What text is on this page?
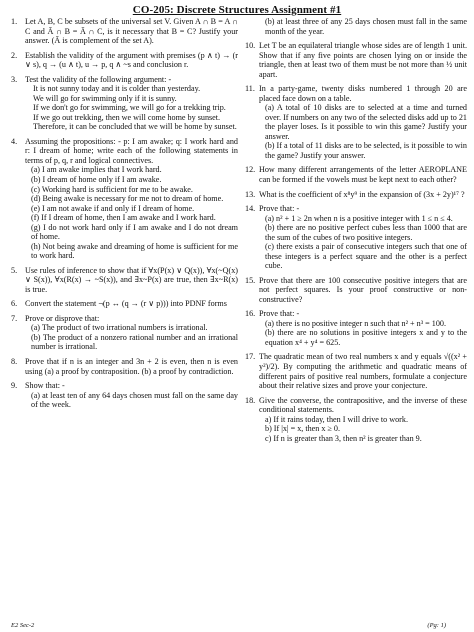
CO-205: Discrete Structures Assignment #1
1. Let A, B, C be subsets of the universal set V. Given A ∩ B = A ∩ C and Ā ∩ B = Ā ∩ C, is it necessary that B = C? Justify your answer. (Ā is complement of the set A).
2. Establish the validity of the argument with premises (p ∧ t) → (r ∨ s), q → (u ∧ t), u → p, q ∧ ~s and conclusion r.
3. Test the validity of the following argument: -
It is not sunny today and it is colder than yesterday.
We will go for swimming only if it is sunny.
If we don't go for swimming, we will go for a trekking trip.
If we go out trekking, then we will come home by sunset.
Therefore, it can be concluded that we will be home by sunset.
4. Assuming the propositions: - p: I am awake; q: I work hard and r: I dream of home; write each of the following statements in terms of p, q, r and logical connectives.
(a) I am awake implies that I work hard.
(b) I dream of home only if I am awake.
(c) Working hard is sufficient for me to be awake.
(d) Being awake is necessary for me not to dream of home.
(e) I am not awake if and only if I dream of home.
(f) If I dream of home, then I am awake and I work hard.
(g) I do not work hard only if I am awake and I do not dream of home.
(h) Not being awake and dreaming of home is sufficient for me to work hard.
5. Use rules of inference to show that if ∀x(P(x) ∨ Q(x)), ∀x(~Q(x) ∨ S(x)), ∀x(R(x) → ~S(x)), and ∃x~P(x) are true, then ∃x~R(x) is true.
6. Convert the statement ¬(p ↔ (q → (r ∨ p))) into PDNF forms
7. Prove or disprove that:
(a) The product of two irrational numbers is irrational.
(b) The product of a nonzero rational number and an irrational number is irrational.
8. Prove that if n is an integer and 3n + 2 is even, then n is even using (a) a proof by contraposition. (b) a proof by contradiction.
9. Show that: -
(a) at least ten of any 64 days chosen must fall on the same day of the week.
(b) at least three of any 25 days chosen must fall in the same month of the year.
10. Let T be an equilateral triangle whose sides are of length 1 unit. Show that if any five points are chosen lying on or inside the triangle, then at least two of them must be not more than ½ unit apart.
11. In a party-game, twenty disks numbered 1 through 20 are placed face down on a table.
(a) A total of 10 disks are to selected at a time and turned over. If numbers on any two of the selected disks add up to 21 the player loses. Is it possible to win this game? Justify your answer.
(b) If a total of 11 disks are to be selected, is it possible to win the game? Justify your answer.
12. How many different arrangements of the letter AEROPLANE can be formed if the vowels must be kept next to each other?
13. What is the coefficient of x⁸y⁹ in the expansion of (3x + 2y)¹⁷ ?
14. Prove that: -
(a) n² + 1 ≥ 2n when n is a positive integer with 1 ≤ n ≤ 4.
(b) there are no positive perfect cubes less than 1000 that are the sum of the cubes of two positive integers.
(c) there exists a pair of consecutive integers such that one of these integers is a perfect square and the other is a perfect cube.
15. Prove that there are 100 consecutive positive integers that are not perfect squares. Is your proof constructive or non-constructive?
16. Prove that: -
(a) there is no positive integer n such that n² + n³ = 100.
(b) there are no solutions in positive integers x and y to the equation x⁴ + y⁴ = 625.
17. The quadratic mean of two real numbers x and y equals √((x² + y²)/2). By computing the arithmetic and quadratic means of different pairs of positive real numbers, formulate a conjecture about their relative sizes and prove your conjecture.
18. Give the converse, the contrapositive, and the inverse of these conditional statements.
a) If it rains today, then I will drive to work.
b) If |x| = x, then x ≥ 0.
c) If n is greater than 3, then n² is greater than 9.
E2 Sec-2	(Pg: 1)
